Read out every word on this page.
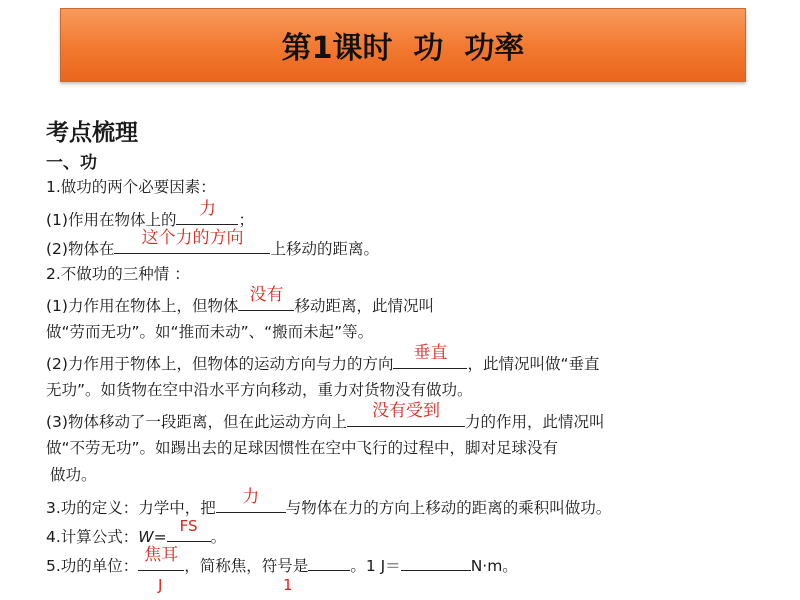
第1课时  功  功率
考点梳理
一、功
1.做功的两个必要因素：
(1)作用在物体上的
力
；
(2)物体在
这个力的方向
上移动的距离。
2.不做功的三种情 ：
(1)力作用在物体上，但物体
没有
移动距离，此情况叫
做“劳而无功”。如“推而未动”、“搬而未起”等。
(2)力作用于物体上，但物体的运动方向与力的方向
垂直
，此情况叫做“垂直
无功”。如货物在空中沿水平方向移动，重力对货物没有做功。
(3)物体移动了一段距离，但在此运动方向上
没有受到
力的作用，此情况叫
做“不劳无功”。如踢出去的足球因惯性在空中飞行的过程中，脚对足球没有
做功。
3.功的定义：力学中，把
力
与物体在力的方向上移动的距离的乘积叫做功。
4.计算公式：W=
FS
。
5.功的单位：
焦耳
，简称焦，符号是	。1 J＝	N·m。
J	1
